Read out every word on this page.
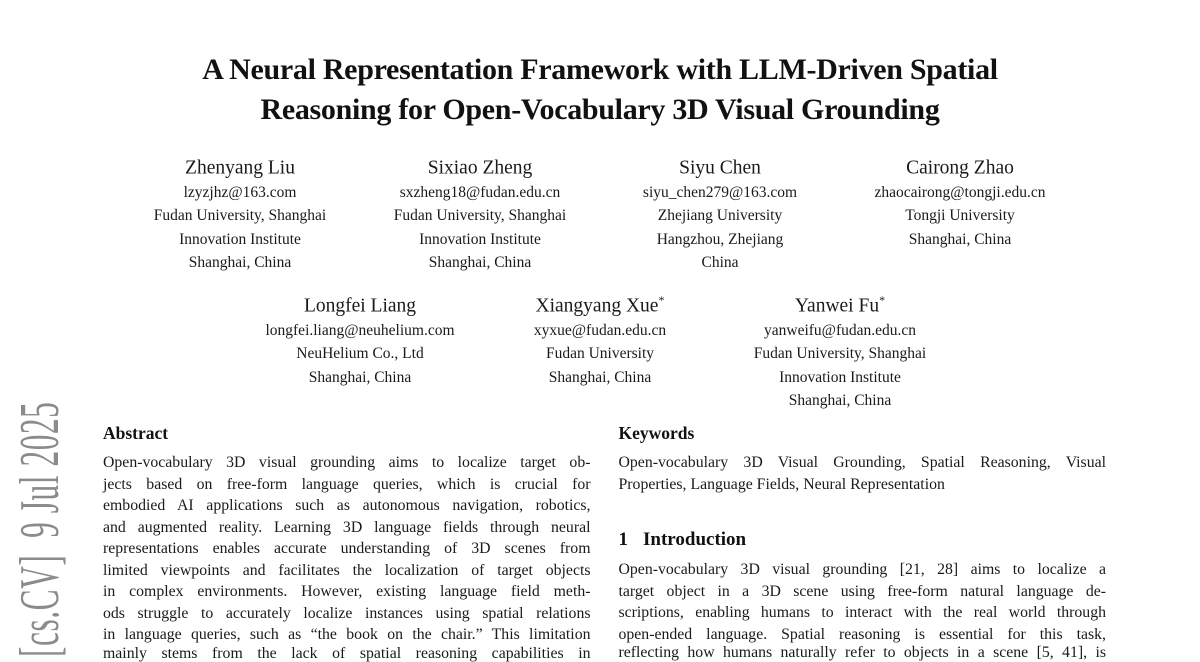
[cs.CV]  9 Jul 2025
A Neural Representation Framework with LLM-Driven Spatial
Reasoning for Open-Vocabulary 3D Visual Grounding
Zhenyang Liu
lzyzjhz@163.com
Fudan University, Shanghai
Innovation Institute
Shanghai, China
Sixiao Zheng
sxzheng18@fudan.edu.cn
Fudan University, Shanghai
Innovation Institute
Shanghai, China
Siyu Chen
siyu_chen279@163.com
Zhejiang University
Hangzhou, Zhejiang
China
Cairong Zhao
zhaocairong@tongji.edu.cn
Tongji University
Shanghai, China
Longfei Liang
longfei.liang@neuhelium.com
NeuHelium Co., Ltd
Shanghai, China
Xiangyang Xue*
xyxue@fudan.edu.cn
Fudan University
Shanghai, China
Yanwei Fu*
yanweifu@fudan.edu.cn
Fudan University, Shanghai
Innovation Institute
Shanghai, China
Abstract
Open-vocabulary 3D visual grounding aims to localize target ob-
jects based on free-form language queries, which is crucial for
embodied AI applications such as autonomous navigation, robotics,
and augmented reality. Learning 3D language fields through neural
representations enables accurate understanding of 3D scenes from
limited viewpoints and facilitates the localization of target objects
in complex environments. However, existing language field meth-
ods struggle to accurately localize instances using spatial relations
in language queries, such as “the book on the chair.” This limitation
mainly stems from the lack of spatial reasoning capabilities in
Keywords
Open-vocabulary 3D Visual Grounding, Spatial Reasoning, Visual
Properties, Language Fields, Neural Representation
1 Introduction
Open-vocabulary 3D visual grounding [21, 28] aims to localize a
target object in a 3D scene using free-form natural language de-
scriptions, enabling humans to interact with the real world through
open-ended language. Spatial reasoning is essential for this task,
reflecting how humans naturally refer to objects in a scene [5, 41], is
